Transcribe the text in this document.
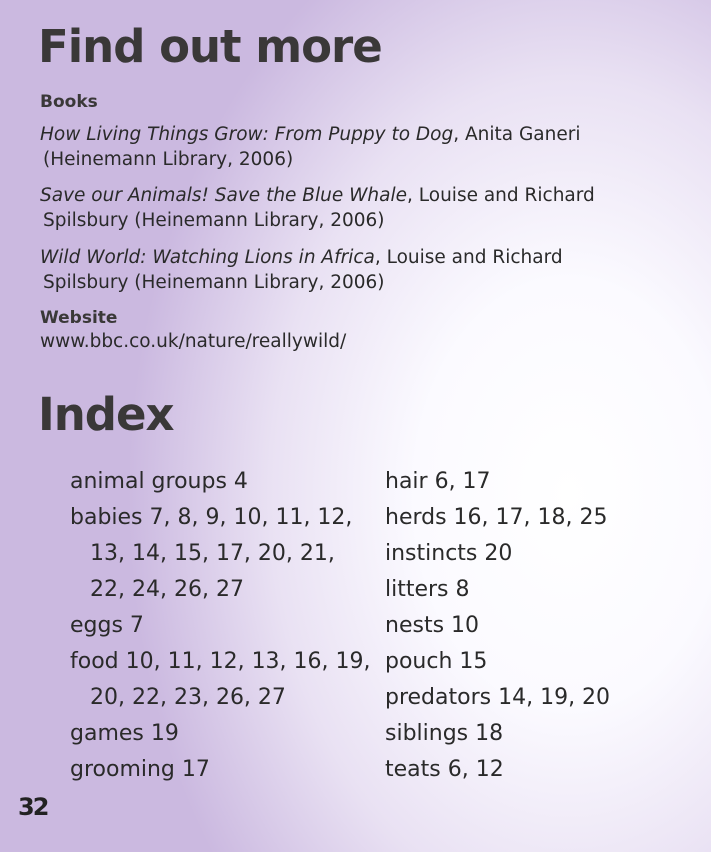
Find out more
Books
How Living Things Grow: From Puppy to Dog, Anita Ganeri
(Heinemann Library, 2006)
Save our Animals! Save the Blue Whale, Louise and Richard
Spilsbury (Heinemann Library, 2006)
Wild World: Watching Lions in Africa, Louise and Richard
Spilsbury (Heinemann Library, 2006)
Website
www.bbc.co.uk/nature/reallywild/
Index
animal groups 4
babies 7, 8, 9, 10, 11, 12,
13, 14, 15, 17, 20, 21,
22, 24, 26, 27
eggs 7
food 10, 11, 12, 13, 16, 19,
20, 22, 23, 26, 27
games 19
grooming 17
hair 6, 17
herds 16, 17, 18, 25
instincts 20
litters 8
nests 10
pouch 15
predators 14, 19, 20
siblings 18
teats 6, 12
32
